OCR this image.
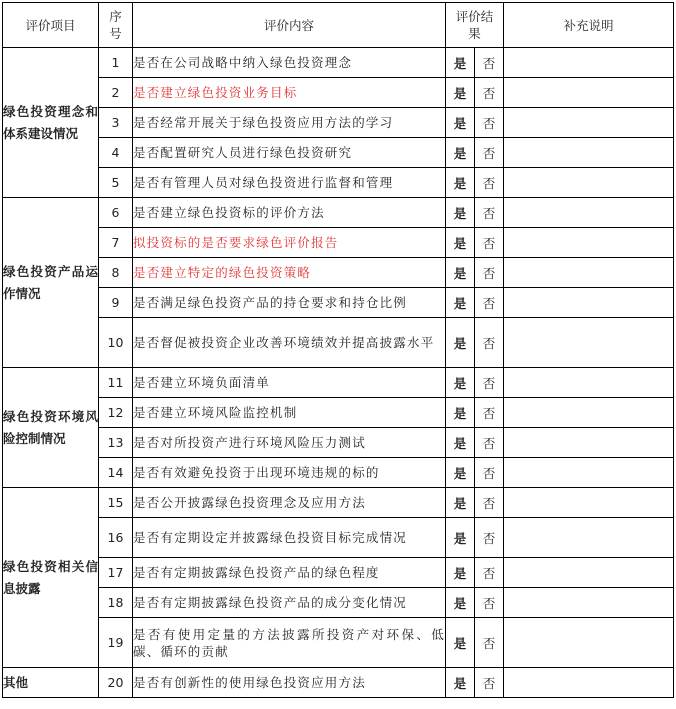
评价项目	序号	评价内容	评价结果		补充说明
绿色投资理念和体系建设情况	1	是否在公司战略中纳入绿色投资理念	是	否	
	2	是否建立绿色投资业务目标	是	否	
	3	是否经常开展关于绿色投资应用方法的学习	是	否	
	4	是否配置研究人员进行绿色投资研究	是	否	
	5	是否有管理人员对绿色投资进行监督和管理	是	否	
绿色投资产品运作情况	6	是否建立绿色投资标的评价方法	是	否	
	7	拟投资标的是否要求绿色评价报告	是	否	
	8	是否建立特定的绿色投资策略	是	否	
	9	是否满足绿色投资产品的持仓要求和持仓比例	是	否	
	10	是否督促被投资企业改善环境绩效并提高披露水平	是	否	
绿色投资环境风险控制情况	11	是否建立环境负面清单	是	否	
	12	是否建立环境风险监控机制	是	否	
	13	是否对所投资产进行环境风险压力测试	是	否	
	14	是否有效避免投资于出现环境违规的标的	是	否	
绿色投资相关信息披露	15	是否公开披露绿色投资理念及应用方法	是	否	
	16	是否有定期设定并披露绿色投资目标完成情况	是	否	
	17	是否有定期披露绿色投资产品的绿色程度	是	否	
	18	是否有定期披露绿色投资产品的成分变化情况	是	否	
	19	是否有使用定量的方法披露所投资产对环保、低碳、循环的贡献	是	否	
其他	20	是否有创新性的使用绿色投资应用方法	是	否	
